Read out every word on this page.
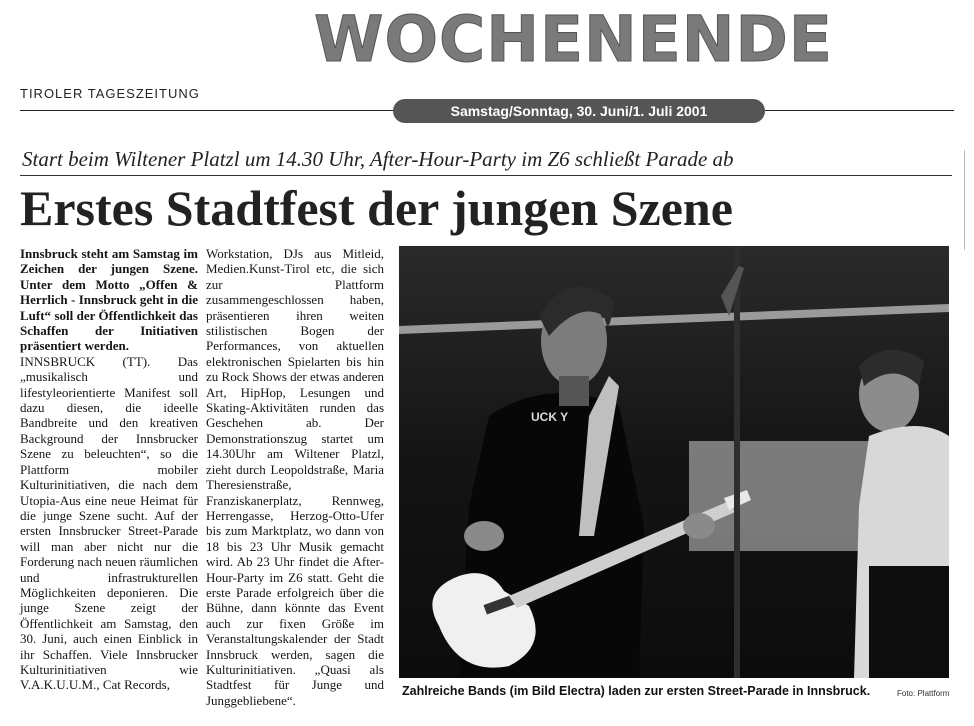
WOCHENENDE
TIROLER TAGESZEITUNG
Samstag/Sonntag, 30. Juni/1. Juli 2001
Start beim Wiltener Platzl um 14.30 Uhr, After-Hour-Party im Z6 schließt Parade ab
Erstes Stadtfest der jungen Szene

Innsbruck steht am Samstag im Zeichen der jungen Szene. Unter dem Motto „Offen & Herrlich - Innsbruck geht in die Luft“ soll der Öffentlichkeit das Schaffen der Initiativen präsentiert werden.

INNSBRUCK (TT). Das „musikalisch und lifestyleorientierte Manifest soll dazu diesen, die ideelle Bandbreite und den kreativen Background der Innsbrucker Szene zu beleuchten“, so die Plattform mobiler Kulturinitiativen, die nach dem Utopia-Aus eine neue Heimat für die junge Szene sucht. Auf der ersten Innsbrucker Street-Parade will man aber nicht nur die Forderung nach neuen räumlichen und infrastrukturellen Möglichkeiten deponieren. Die junge Szene zeigt der Öffentlichkeit am Samstag, den 30. Juni, auch einen Einblick in ihr Schaffen. Viele Innsbrucker Kulturinitiativen wie V.A.K.U.U.M., Cat Records,

Workstation, DJs aus Mitleid, Medien.Kunst-Tirol etc, die sich zur Plattform zusammengeschlossen haben, präsentieren ihren weiten stilistischen Bogen der Performances, von aktuellen elektronischen Spielarten bis hin zu Rock Shows der etwas anderen Art, HipHop, Lesungen und Skating-Aktivitäten runden das Geschehen ab. Der Demonstrationszug startet um 14.30Uhr am Wiltener Platzl, zieht durch Leopoldstraße, Maria Theresienstraße, Franziskanerplatz, Rennweg, Herrengasse, Herzog-Otto-Ufer bis zum Marktplatz, wo dann von 18 bis 23 Uhr Musik gemacht wird. Ab 23 Uhr findet die After-Hour-Party im Z6 statt. Geht die erste Parade erfolgreich über die Bühne, dann könnte das Event auch zur fixen Größe im Veranstaltungskalender der Stadt Innsbruck werden, sagen die Kulturinitiativen. „Quasi als Stadtfest für Junge und Junggebliebene“.

UCK Y
Zahlreiche Bands (im Bild Electra) laden zur ersten Street-Parade in Innsbruck.	Foto: Plattform
